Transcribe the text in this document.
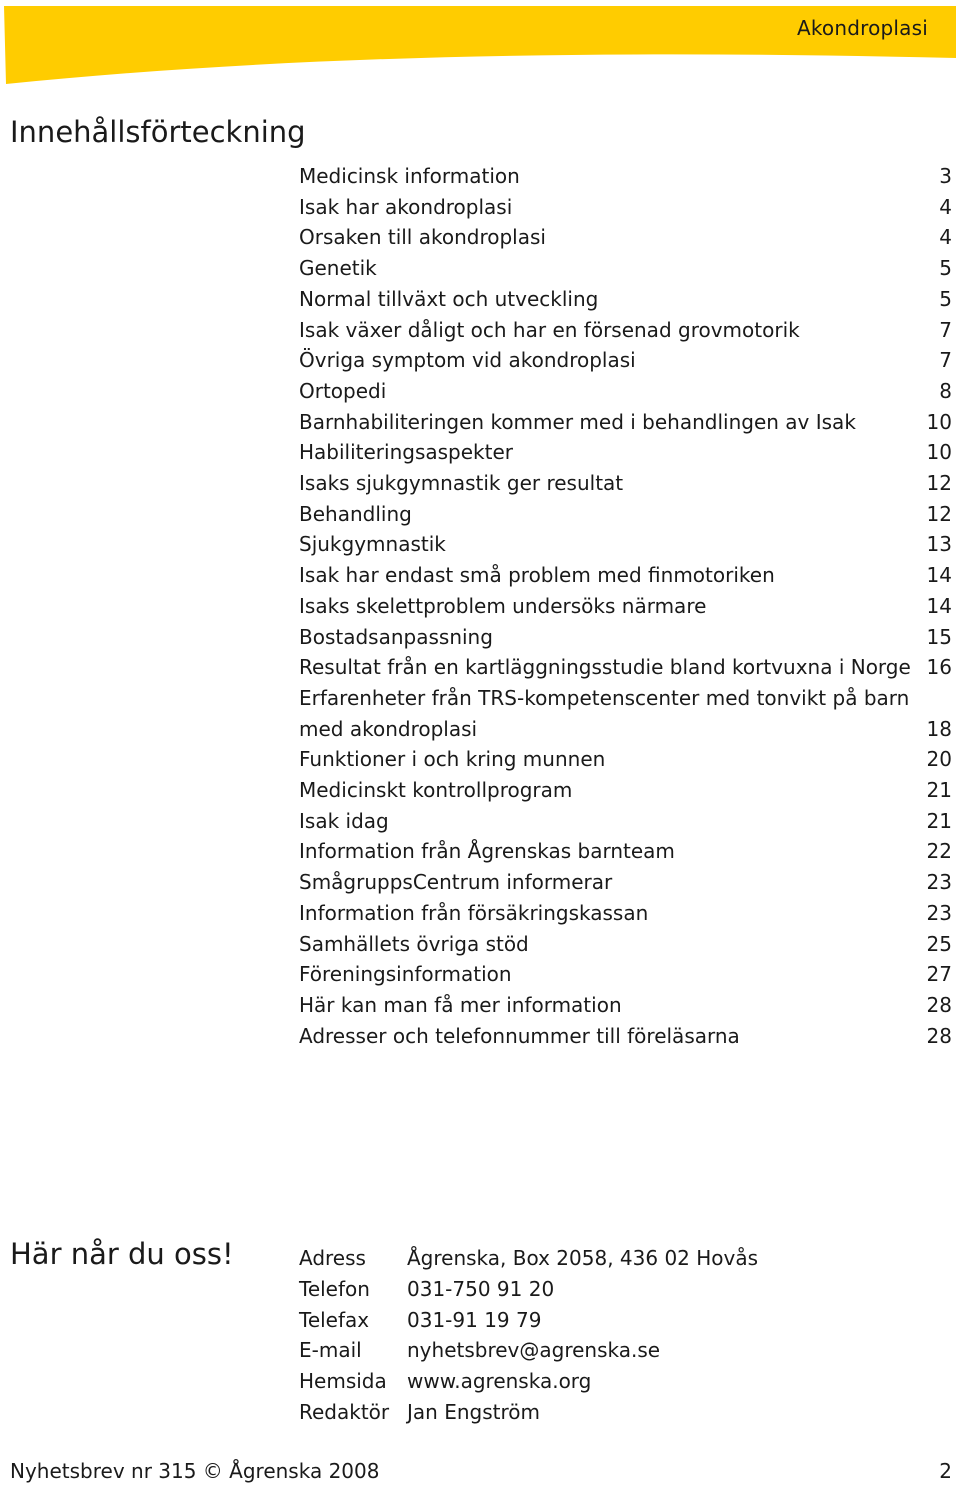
Akondroplasi
Innehållsförteckning
Medicinsk information	3
Isak har akondroplasi	4
Orsaken till akondroplasi	4
Genetik	5
Normal tillväxt och utveckling	5
Isak växer dåligt och har en försenad grovmotorik	7
Övriga symptom vid akondroplasi	7
Ortopedi	8
Barnhabiliteringen kommer med i behandlingen av Isak	10
Habiliteringsaspekter	10
Isaks sjukgymnastik ger resultat	12
Behandling	12
Sjukgymnastik	13
Isak har endast små problem med finmotoriken	14
Isaks skelettproblem undersöks närmare	14
Bostadsanpassning	15
Resultat från en kartläggningsstudie bland kortvuxna i Norge 16
Erfarenheter från TRS-kompetenscenter med tonvikt på barn med akondroplasi	18
Funktioner i och kring munnen	20
Medicinskt kontrollprogram	21
Isak idag	21
Information från Ågrenskas barnteam	22
SmågruppsCentrum informerar	23
Information från försäkringskassan	23
Samhällets övriga stöd	25
Föreningsinformation	27
Här kan man få mer information	28
Adresser och telefonnummer till föreläsarna	28
Här når du oss!	Adress	Ågrenska, Box 2058, 436 02 Hovås
Telefon	031-750 91 20
Telefax	031-91 19 79
E-mail	nyhetsbrev@agrenska.se
Hemsida	www.agrenska.org
Redaktör	Jan Engström
Nyhetsbrev nr 315 © Ågrenska 2008	2
